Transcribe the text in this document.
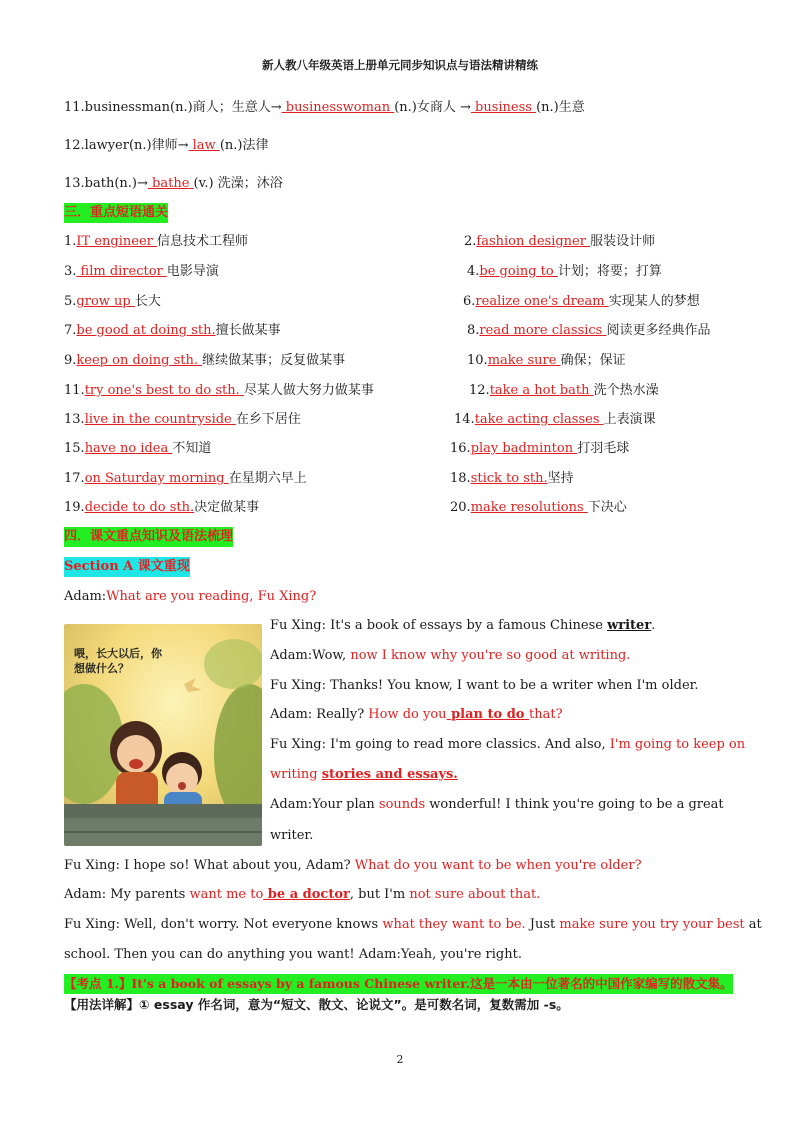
新人教八年级英语上册单元同步知识点与语法精讲精练
11.businessman(n.)商人；生意人→ businesswoman (n.)女商人 → business (n.)生意
12.lawyer(n.)律师→ law (n.)法律
13.bath(n.)→ bathe (v.) 洗澡；沐浴
三．重点短语通关
1.IT engineer 信息技术工程师	2.fashion designer 服装设计师
3. film director 电影导演	4.be going to 计划；将要；打算
5.grow up 长大	6.realize one's dream 实现某人的梦想
7.be good at doing sth.擅长做某事	8.read more classics 阅读更多经典作品
9.keep on doing sth. 继续做某事；反复做某事	10.make sure 确保；保证
11.try one's best to do sth. 尽某人做大努力做某事	12.take a hot bath 洗个热水澡
13.live in the countryside 在乡下居住	14.take acting classes 上表演课
15.have no idea 不知道	16.play badminton 打羽毛球
17.on Saturday morning 在星期六早上	18.stick to sth.坚持
19.decide to do sth.决定做某事	20.make resolutions 下决心
四．课文重点知识及语法梳理
Section A 课文重现
Adam:What are you reading, Fu Xing?
喂，长大以后，你想做什么？
Fu Xing: It's a book of essays by a famous Chinese writer.
Adam:Wow, now I know why you're so good at writing.
Fu Xing: Thanks! You know, I want to be a writer when I'm older.
Adam: Really? How do you plan to do that?
Fu Xing: I'm going to read more classics. And also, I'm going to keep on
writing stories and essays.
Adam:Your plan sounds wonderful! I think you're going to be a great
writer.
Fu Xing: I hope so! What about you, Adam? What do you want to be when you're older?
Adam: My parents want me to be a doctor, but I'm not sure about that.
Fu Xing: Well, don't worry. Not everyone knows what they want to be. Just make sure you try your best at
school. Then you can do anything you want! Adam:Yeah, you're right.
【考点 1.】It's a book of essays by a famous Chinese writer.这是一本由一位著名的中国作家编写的散文集。
【用法详解】① essay 作名词，意为“短文、散文、论说文”。是可数名词，复数需加 -s。
2
